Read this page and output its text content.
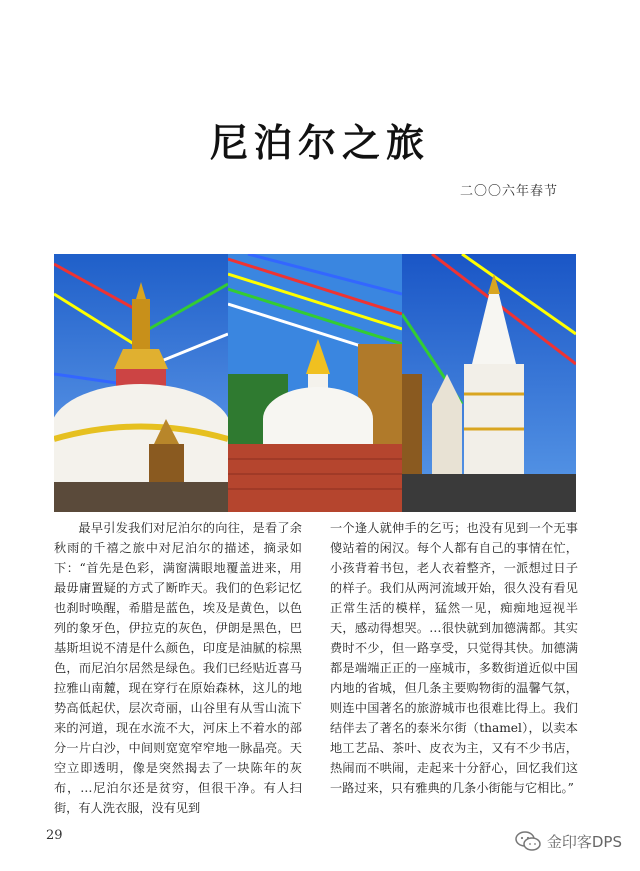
尼泊尔之旅
二〇〇六年春节
最早引发我们对尼泊尔的向往，是看了余秋雨的千禧之旅中对尼泊尔的描述，摘录如下：“首先是色彩，满窗满眼地覆盖进来，用最毋庸置疑的方式了断昨天。我们的色彩记忆也刹时唤醒，希腊是蓝色，埃及是黄色，以色列的象牙色，伊拉克的灰色，伊朗是黑色，巴基斯坦说不清是什么颜色，印度是油腻的棕黑色，而尼泊尔居然是绿色。我们已经贴近喜马拉雅山南麓，现在穿行在原始森林，这儿的地势高低起伏，层次奇丽，山谷里有从雪山流下来的河道，现在水流不大，河床上不着水的部分一片白沙，中间则宽宽窄窄地一脉晶亮。天空立即透明，像是突然揭去了一块陈年的灰布，…尼泊尔还是贫穷，但很干净。有人扫街，有人洗衣服，没有见到
一个逢人就伸手的乞丐；也没有见到一个无事傻站着的闲汉。每个人都有自己的事情在忙，小孩背着书包，老人衣着整齐，一派想过日子的样子。我们从两河流域开始，很久没有看见正常生活的模样，猛然一见，痴痴地逗视半天，感动得想哭。…很快就到加德满都。其实费时不少，但一路享受，只觉得其快。加德满都是端端正正的一座城市，多数街道近似中国内地的省城，但几条主要购物街的温馨气氛，则连中国著名的旅游城市也很难比得上。我们结伴去了著名的泰米尔街（thamel），以卖本地工艺品、茶叶、皮衣为主，又有不少书店，热闹而不哄闹，走起来十分舒心，回忆我们这一路过来，只有雅典的几条小街能与它相比。”
29	金印客DPS
